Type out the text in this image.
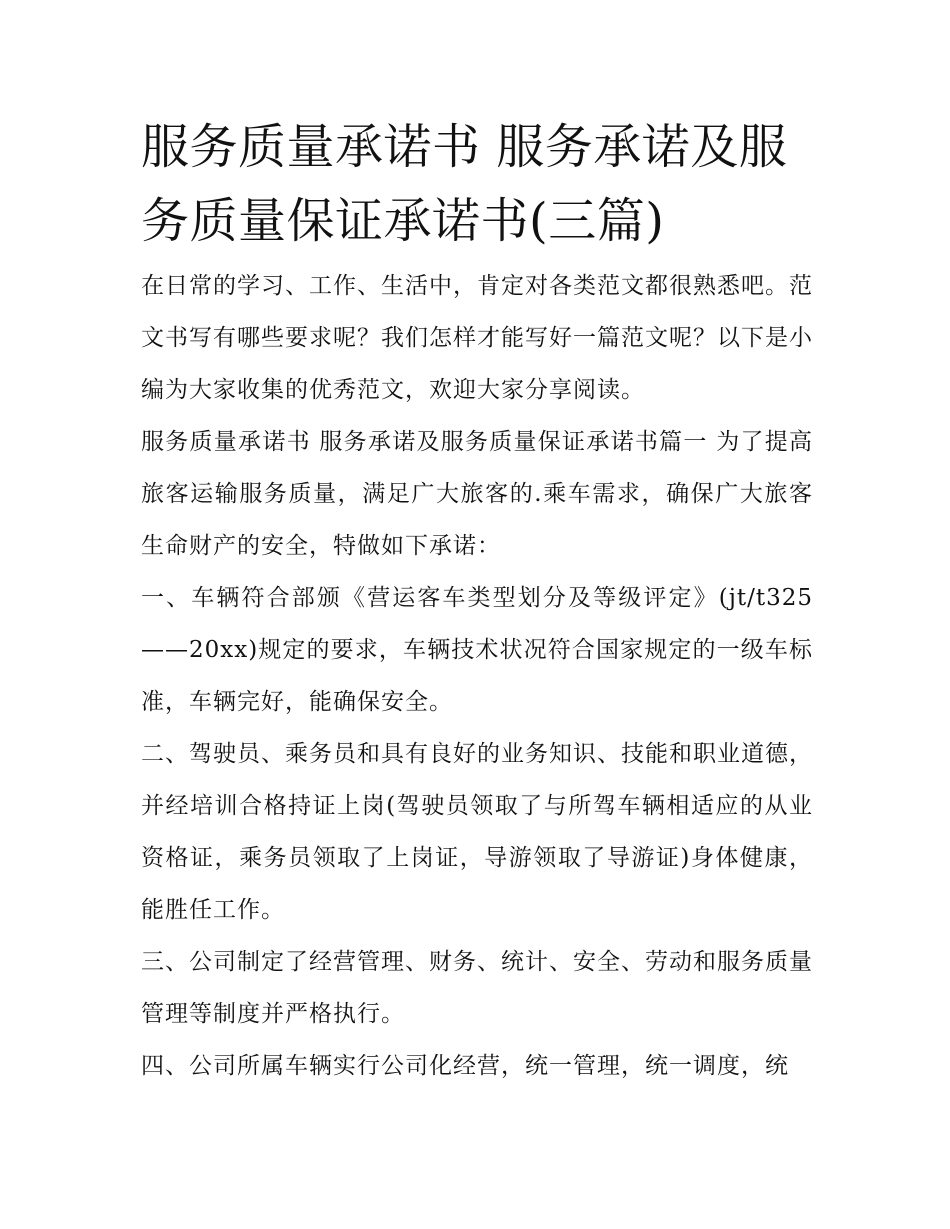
服务质量承诺书 服务承诺及服务质量保证承诺书(三篇)

在日常的学习、工作、生活中，肯定对各类范文都很熟悉吧。范文书写有哪些要求呢？我们怎样才能写好一篇范文呢？以下是小编为大家收集的优秀范文，欢迎大家分享阅读。

服务质量承诺书 服务承诺及服务质量保证承诺书篇一 为了提高旅客运输服务质量，满足广大旅客的.乘车需求，确保广大旅客生命财产的安全，特做如下承诺：

一、车辆符合部颁《营运客车类型划分及等级评定》(jt/t325——20xx)规定的要求，车辆技术状况符合国家规定的一级车标准，车辆完好，能确保安全。

二、驾驶员、乘务员和具有良好的业务知识、技能和职业道德，并经培训合格持证上岗(驾驶员领取了与所驾车辆相适应的从业资格证，乘务员领取了上岗证，导游领取了导游证)身体健康，能胜任工作。

三、公司制定了经营管理、财务、统计、安全、劳动和服务质量管理等制度并严格执行。

四、公司所属车辆实行公司化经营，统一管理，统一调度，统
